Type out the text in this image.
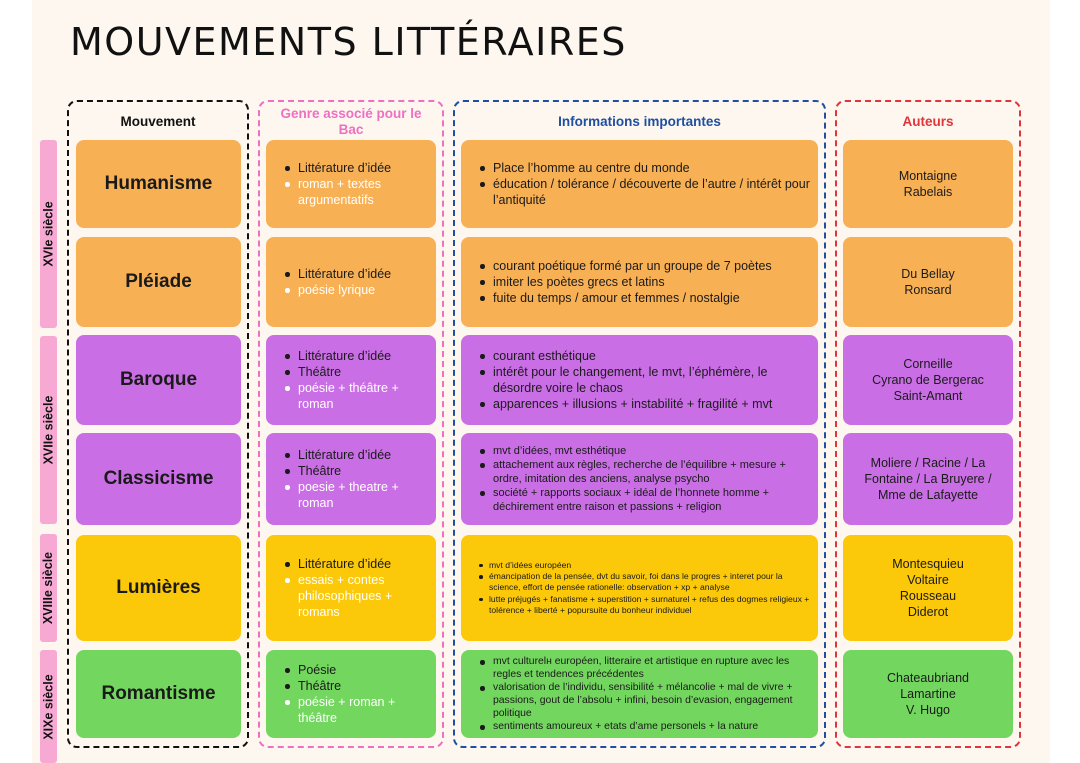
MOUVEMENTS LITTÉRAIRES
Mouvement
Genre associé pour le Bac
Informations importantes	Auteurs
XVIe siècle
XVIIe siècle
XVIIIe siècle
XIXe siècle
Humanisme
Littérature d’idée
roman + textes argumentatifs
Place l’homme au centre du monde
éducation / tolérance / découverte de l’autre / intérêt pour l’antiquité
Montaigne
Rabelais
Pléiade	Littérature d’idée
poésie lyrique
courant poétique formé par un groupe de 7 poètes
imiter les poètes grecs et latins
fuite du temps / amour et femmes / nostalgie
Du Bellay
Ronsard
Baroque
Littérature d’idée
Théâtre
poésie + théâtre + roman
courant esthétique
intérêt pour le changement, le mvt, l’éphémère, le désordre voire le chaos
apparences + illusions + instabilité + fragilité + mvt
Corneille
Cyrano de Bergerac
Saint-Amant
Classicisme
Littérature d’idée
Théâtre
poesie + theatre + roman
mvt d’idées, mvt esthétique
attachement aux règles, recherche de l’équilibre + mesure + ordre, imitation des anciens, analyse psycho
société + rapports sociaux + idéal de l’honnete homme + déchirement entre raison et passions + religion
Moliere / Racine / La Fontaine / La Bruyere / Mme de Lafayette
Lumières
Littérature d’idée
essais + contes philosophiques + romans
mvt d’idées européen
émancipation de la pensée, dvt du savoir, foi dans le progres + interet pour la science, effort de pensée rationelle: observation + xp + analyse
lutte préjugés + fanatisme + superstition + surnaturel + refus des dogmes religieux + tolérence + liberté + popursuite du bonheur individuel
Montesquieu
Voltaire
Rousseau
Diderot
Romantisme
Poésie
Théâtre
poésie + roman + théâtre
mvt culturelн européen, litteraire et artistique en rupture avec les regles et tendences précédentes
valorisation de l’individu, sensibilité + mélancolie + mal de vivre + passions, gout de l’absolu + infini, besoin d’evasion, engagement politique
sentiments amoureux + etats d’ame personels + la nature
Chateaubriand
Lamartine
V. Hugo
